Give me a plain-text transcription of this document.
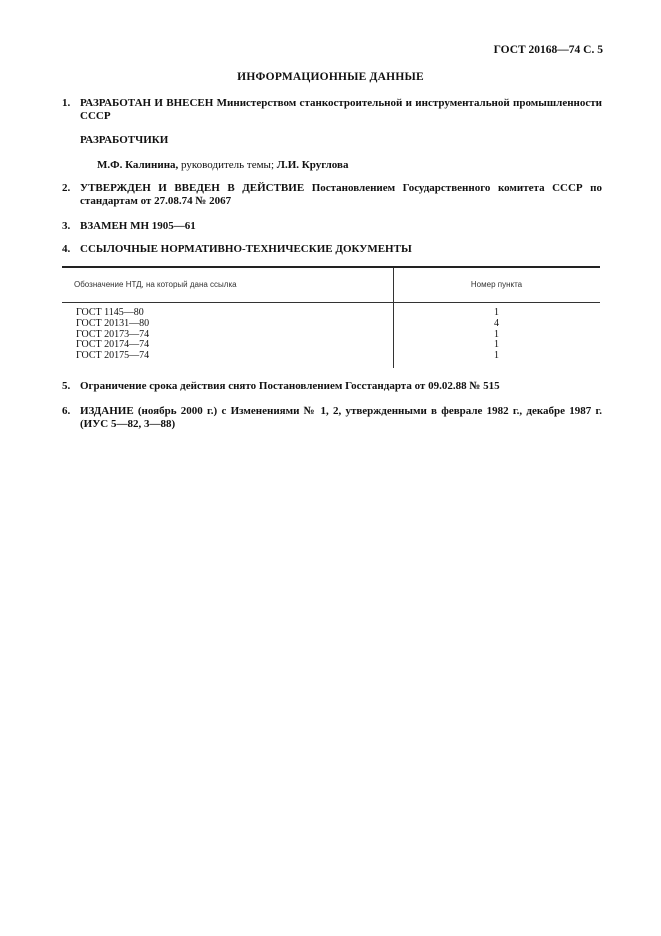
ГОСТ 20168—74 С. 5
ИНФОРМАЦИОННЫЕ ДАННЫЕ
1. РАЗРАБОТАН И ВНЕСЕН Министерством станкостроительной и инструментальной промышленности СССР
РАЗРАБОТЧИКИ
М.Ф. Калинина, руководитель темы; Л.И. Круглова
2. УТВЕРЖДЕН И ВВЕДЕН В ДЕЙСТВИЕ Постановлением Государственного комитета СССР по стандартам от 27.08.74 № 2067
3. ВЗАМЕН МН 1905—61
4. ССЫЛОЧНЫЕ НОРМАТИВНО-ТЕХНИЧЕСКИЕ ДОКУМЕНТЫ
Обозначение НТД, на который дана ссылка	Номер пункта
ГОСТ 1145—80	1
ГОСТ 20131—80	4
ГОСТ 20173—74	1
ГОСТ 20174—74	1
ГОСТ 20175—74	1
5. Ограничение срока действия снято Постановлением Госстандарта от 09.02.88 № 515
6. ИЗДАНИЕ (ноябрь 2000 г.) с Изменениями № 1, 2, утвержденными в феврале 1982 г., декабре 1987 г. (ИУС 5—82, 3—88)
